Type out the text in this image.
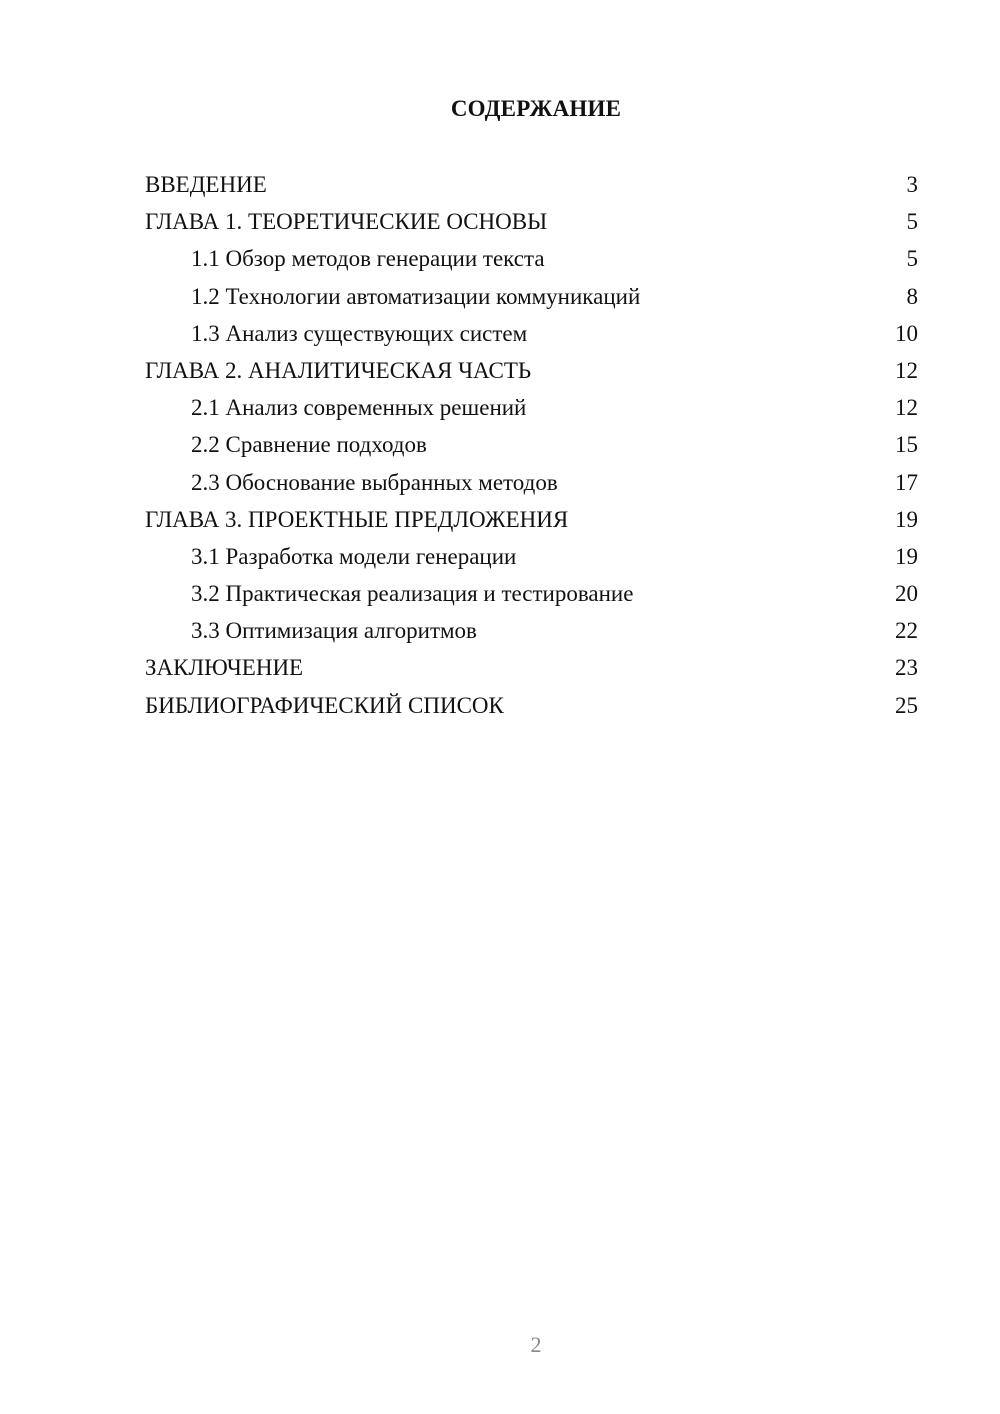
СОДЕРЖАНИЕ
ВВЕДЕНИЕ	3
ГЛАВА 1. ТЕОРЕТИЧЕСКИЕ ОСНОВЫ	5
1.1 Обзор методов генерации текста	5
1.2 Технологии автоматизации коммуникаций	8
1.3 Анализ существующих систем	10
ГЛАВА 2. АНАЛИТИЧЕСКАЯ ЧАСТЬ	12
2.1 Анализ современных решений	12
2.2 Сравнение подходов	15
2.3 Обоснование выбранных методов	17
ГЛАВА 3. ПРОЕКТНЫЕ ПРЕДЛОЖЕНИЯ	19
3.1 Разработка модели генерации	19
3.2 Практическая реализация и тестирование	20
3.3 Оптимизация алгоритмов	22
ЗАКЛЮЧЕНИЕ	23
БИБЛИОГРАФИЧЕСКИЙ СПИСОК	25
2
